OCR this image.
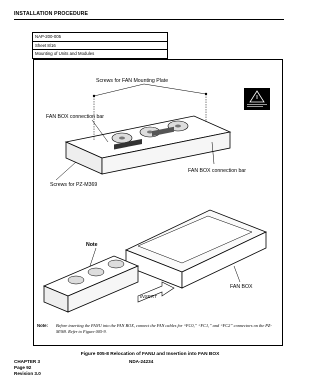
INSTALLATION PROCEDURE
NAP-200-005
Sheet 8/16
Mounting of Units and Modules
Screws for FAN Mounting Plate
FAN BOX connection bar
FAN BOX connection bar
Screws for PZ-M369
INSERT
Note
FAN BOX
Note: Before inserting the FANU into the FAN BOX, connect the FAN cables for “FC0,” “FC1,” and “FC2” connectors on the PZ-M369. Refer to Figure 005-9.
Figure 005-8 Relocation of FANU and Insertion into FAN BOX
CHAPTER 3
Page 92
Revision 3.0
NDA-24234
